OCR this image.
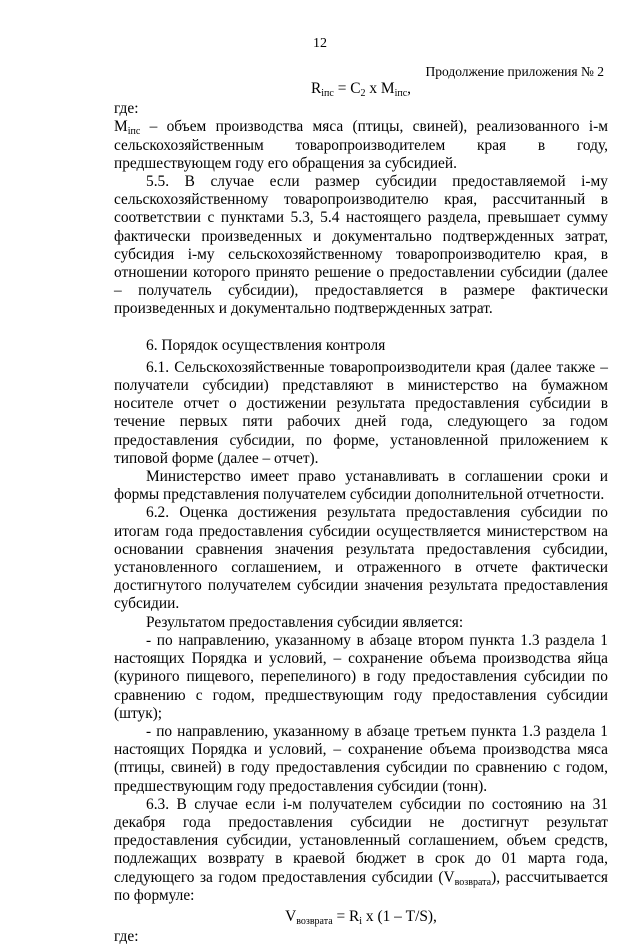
12
Продолжение приложения № 2

$R_{iпс} = С_2$ х $М_{iпс}$,

где:

$М_{iпс}$ – объем производства мяса (птицы, свиней), реализованного i-м сельскохозяйственным товаропроизводителем края в году, предшествующем году его обращения за субсидией.

5.5. В случае если размер субсидии предоставляемой i-му сельскохозяйственному товаропроизводителю края, рассчитанный в соответствии с пунктами 5.3, 5.4 настоящего раздела, превышает сумму фактически произведенных и документально подтвержденных затрат, субсидия i-му сельскохозяйственному товаропроизводителю края, в отношении которого принято решение о предоставлении субсидии (далее – получатель субсидии), предоставляется в размере фактически произведенных и документально подтвержденных затрат.

6. Порядок осуществления контроля

6.1. Сельскохозяйственные товаропроизводители края (далее также – получатели субсидии) представляют в министерство на бумажном носителе отчет о достижении результата предоставления субсидии в течение первых пяти рабочих дней года, следующего за годом предоставления субсидии, по форме, установленной приложением к типовой форме (далее – отчет).

Министерство имеет право устанавливать в соглашении сроки и формы представления получателем субсидии дополнительной отчетности.

6.2. Оценка достижения результата предоставления субсидии по итогам года предоставления субсидии осуществляется министерством на основании сравнения значения результата предоставления субсидии, установленного соглашением, и отраженного в отчете фактически достигнутого получателем субсидии значения результата предоставления субсидии.

Результатом предоставления субсидии является:

- по направлению, указанному в абзаце втором пункта 1.3 раздела 1 настоящих Порядка и условий, – сохранение объема производства яйца (куриного пищевого, перепелиного) в году предоставления субсидии по сравнению с годом, предшествующим году предоставления субсидии (штук);

- по направлению, указанному в абзаце третьем пункта 1.3 раздела 1 настоящих Порядка и условий, – сохранение объема производства мяса (птицы, свиней) в году предоставления субсидии по сравнению с годом, предшествующим году предоставления субсидии (тонн).

6.3. В случае если i-м получателем субсидии по состоянию на 31 декабря года предоставления субсидии не достигнут результат предоставления субсидии, установленный соглашением, объем средств, подлежащих возврату в краевой бюджет в срок до 01 марта года, следующего за годом предоставления субсидии $(V_{возврата})$, рассчитывается по формуле:

$V_{возврата} = R_i$ х (1 – T/S),

где:
